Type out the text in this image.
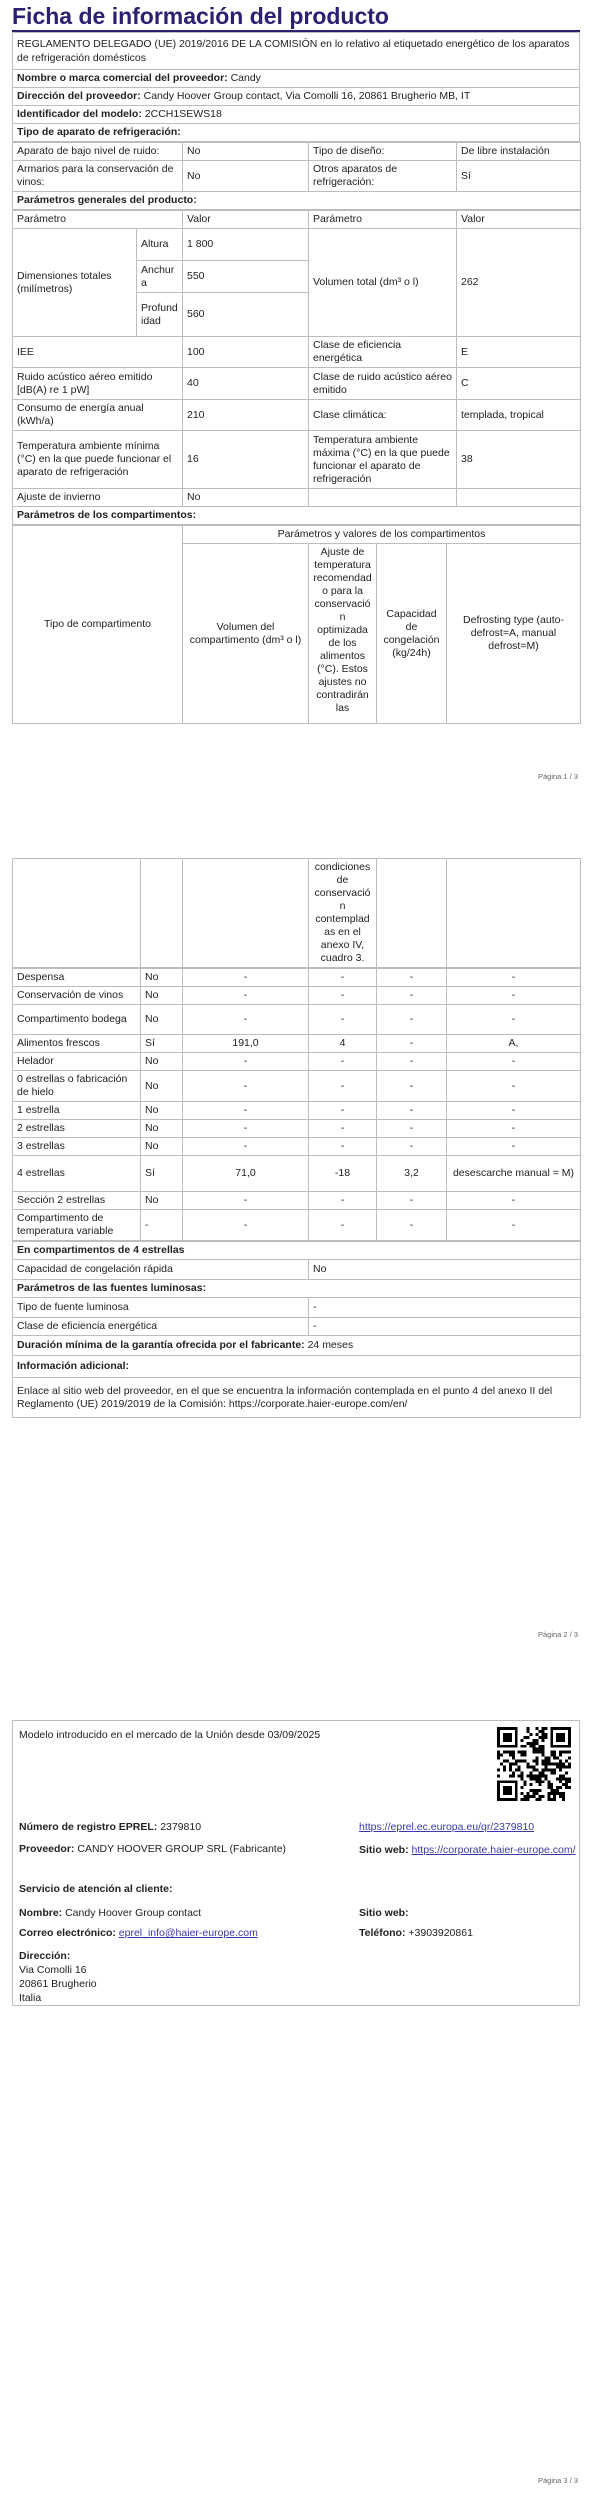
Ficha de información del producto
REGLAMENTO DELEGADO (UE) 2019/2016 DE LA COMISIÓN en lo relativo al etiquetado energético de los aparatos de refrigeración domésticos
Nombre o marca comercial del proveedor: Candy
Dirección del proveedor: Candy Hoover Group contact, Via Comolli 16, 20861 Brugherio MB, IT
Identificador del modelo: 2CCH1SEWS18
Tipo de aparato de refrigeración:
Aparato de bajo nivel de ruido:	No	Tipo de diseño:	De libre instalación
Armarios para la conservación de vinos:	No	Otros aparatos de refrigeración:	Sí
Parámetros generales del producto:			
Parámetro		Valor	Parámetro	Valor
Dimensiones totales (milímetros)	Altura	1 800	Volumen total (dm³ o l)	262
	Anchura	550		
	Profundidad	560		
IEE		100	Clase de eficiencia energética	E
Ruido acústico aéreo emitido [dB(A) re 1 pW]		40	Clase de ruido acústico aéreo emitido	C
Consumo de energía anual (kWh/a)		210	Clase climática:	templada, tropical
Temperatura ambiente mínima (°C) en la que puede funcionar el aparato de refrigeración		16	Temperatura ambiente máxima (°C) en la que puede funcionar el aparato de refrigeración	38
Ajuste de invierno		No		
Parámetros de los compartimentos:				
Tipo de compartimento	Parámetros y valores de los compartimentos			
	Volumen del compartimento (dm³ o l)	Ajuste de temperatura recomendado para la conservación optimizada de los alimentos (°C). Estos ajustes no contradirán las	Capacidad de congelación (kg/24h)	Defrosting type (auto-defrost=A, manual defrost=M)
Página 1 / 3
			condiciones de conservación contempladas en el anexo IV, cuadro 3.		
Despensa	No	-	-	-	-
Conservación de vinos	No	-	-	-	-
Compartimento bodega	No	-	-	-	-
Alimentos frescos	Sí	191,0	4	-	A,
Helador	No	-	-	-	-
0 estrellas o fabricación de hielo	No	-	-	-	-
1 estrella	No	-	-	-	-
2 estrellas	No	-	-	-	-
3 estrellas	No	-	-	-	-
4 estrellas	Sí	71,0	-18	3,2	desescarche manual = M)
Sección 2 estrellas	No	-	-	-	-
Compartimento de temperatura variable	-	-	-	-	-
En compartimentos de 4 estrellas	
Capacidad de congelación rápida	No
Parámetros de las fuentes luminosas:	
Tipo de fuente luminosa	-
Clase de eficiencia energética	-
Duración mínima de la garantía ofrecida por el fabricante: 24 meses	
Información adicional:	
Enlace al sitio web del proveedor, en el que se encuentra la información contemplada en el punto 4 del anexo II del Reglamento (UE) 2019/2019 de la Comisión: https://corporate.haier-europe.com/en/	
Página 2 / 3
Modelo introducido en el mercado de la Unión desde 03/09/2025
Número de registro EPREL: 2379810	https://eprel.ec.europa.eu/qr/2379810
Proveedor: CANDY HOOVER GROUP SRL (Fabricante)	Sitio web: https://corporate.haier-europe.com/
Servicio de atención al cliente:
Nombre: Candy Hoover Group contact	Sitio web:
Correo electrónico: eprel_info@haier-europe.com	Teléfono: +3903920861
Dirección:
Via Comolli 16
20861 Brugherio
Italia
Página 3 / 3
